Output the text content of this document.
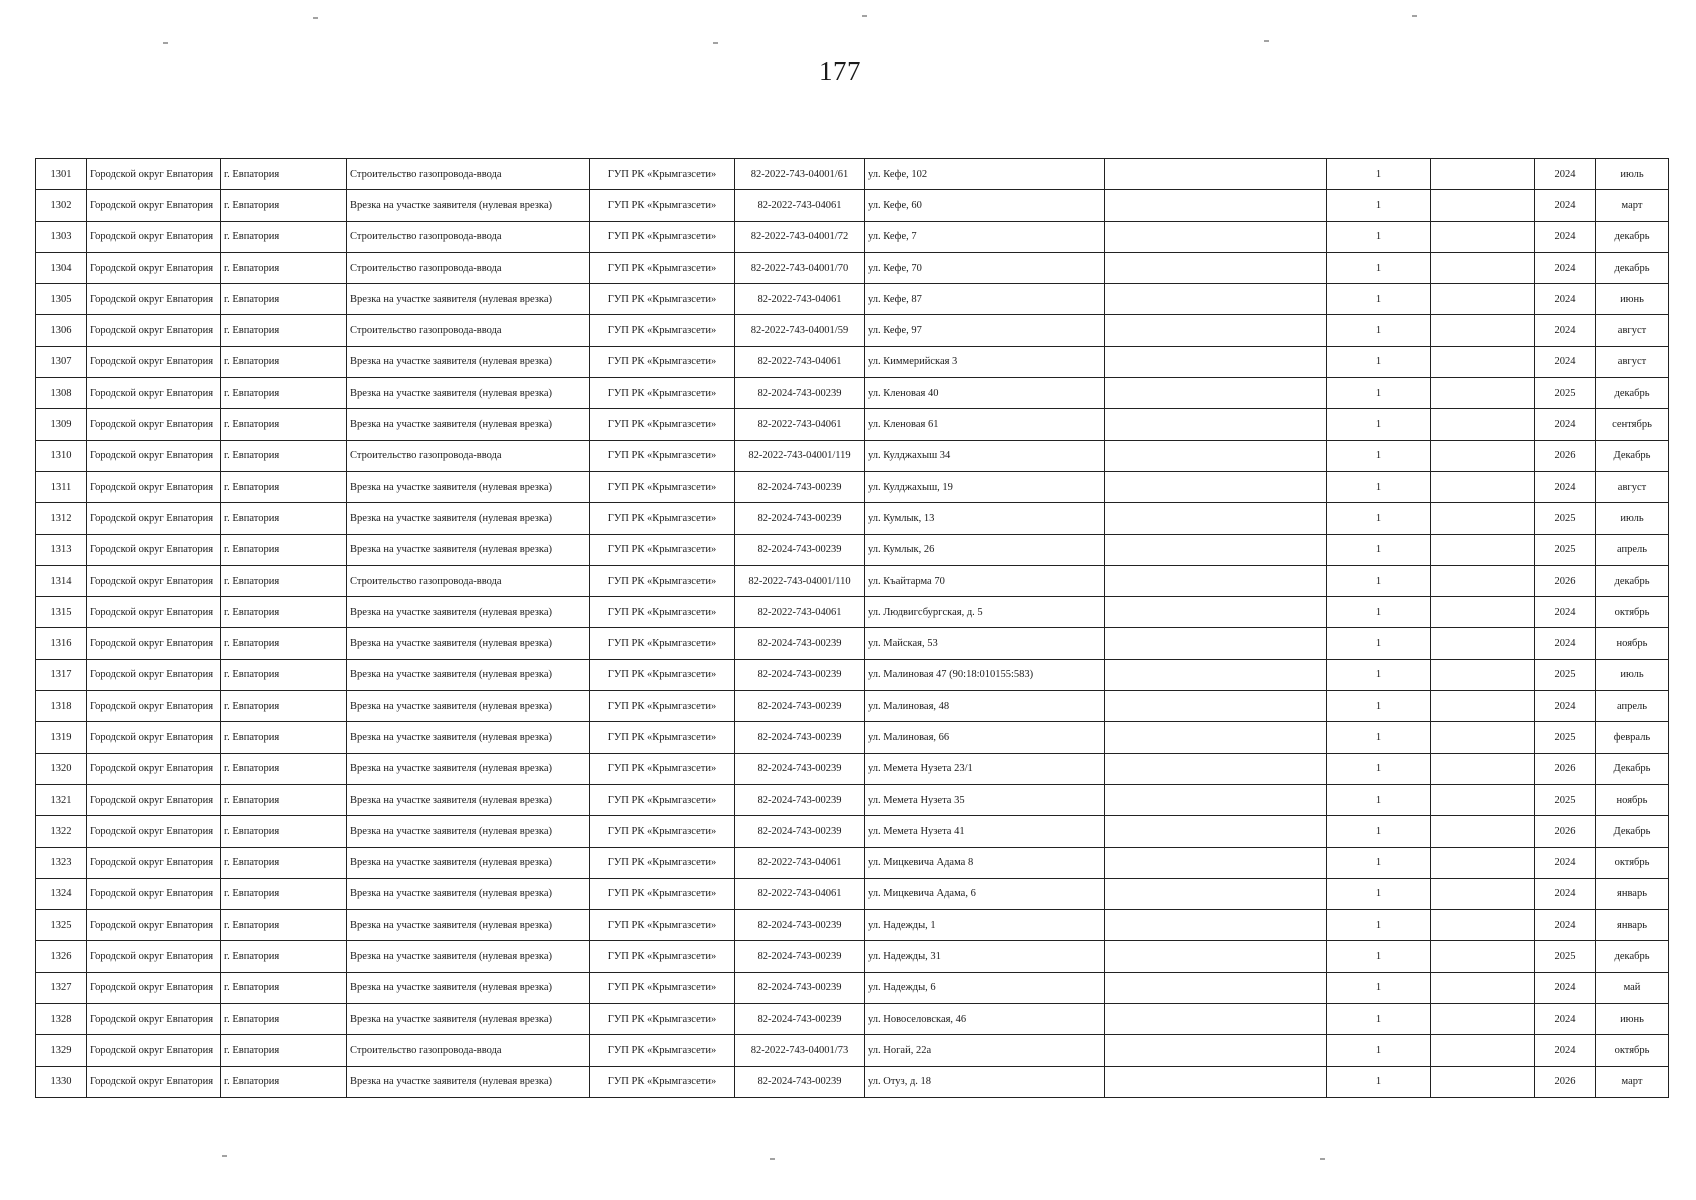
177
1301	Городской округ Евпатория	г. Евпатория	Строительство газопровода-ввода	ГУП РК «Крымгазсети»	82-2022-743-04001/61	ул. Кефе, 102		1		2024	июль
1302	Городской округ Евпатория	г. Евпатория	Врезка на участке заявителя (нулевая врезка)	ГУП РК «Крымгазсети»	82-2022-743-04061	ул. Кефе, 60		1		2024	март
1303	Городской округ Евпатория	г. Евпатория	Строительство газопровода-ввода	ГУП РК «Крымгазсети»	82-2022-743-04001/72	ул. Кефе, 7		1		2024	декабрь
1304	Городской округ Евпатория	г. Евпатория	Строительство газопровода-ввода	ГУП РК «Крымгазсети»	82-2022-743-04001/70	ул. Кефе, 70		1		2024	декабрь
1305	Городской округ Евпатория	г. Евпатория	Врезка на участке заявителя (нулевая врезка)	ГУП РК «Крымгазсети»	82-2022-743-04061	ул. Кефе, 87		1		2024	июнь
1306	Городской округ Евпатория	г. Евпатория	Строительство газопровода-ввода	ГУП РК «Крымгазсети»	82-2022-743-04001/59	ул. Кефе, 97		1		2024	август
1307	Городской округ Евпатория	г. Евпатория	Врезка на участке заявителя (нулевая врезка)	ГУП РК «Крымгазсети»	82-2022-743-04061	ул. Киммерийская 3		1		2024	август
1308	Городской округ Евпатория	г. Евпатория	Врезка на участке заявителя (нулевая врезка)	ГУП РК «Крымгазсети»	82-2024-743-00239	ул. Кленовая 40		1		2025	декабрь
1309	Городской округ Евпатория	г. Евпатория	Врезка на участке заявителя (нулевая врезка)	ГУП РК «Крымгазсети»	82-2022-743-04061	ул. Кленовая 61		1		2024	сентябрь
1310	Городской округ Евпатория	г. Евпатория	Строительство газопровода-ввода	ГУП РК «Крымгазсети»	82-2022-743-04001/119	ул. Кулджахыш 34		1		2026	Декабрь
1311	Городской округ Евпатория	г. Евпатория	Врезка на участке заявителя (нулевая врезка)	ГУП РК «Крымгазсети»	82-2024-743-00239	ул. Кулджахыш, 19		1		2024	август
1312	Городской округ Евпатория	г. Евпатория	Врезка на участке заявителя (нулевая врезка)	ГУП РК «Крымгазсети»	82-2024-743-00239	ул. Кумлык, 13		1		2025	июль
1313	Городской округ Евпатория	г. Евпатория	Врезка на участке заявителя (нулевая врезка)	ГУП РК «Крымгазсети»	82-2024-743-00239	ул. Кумлык, 26		1		2025	апрель
1314	Городской округ Евпатория	г. Евпатория	Строительство газопровода-ввода	ГУП РК «Крымгазсети»	82-2022-743-04001/110	ул. Къайтарма 70		1		2026	декабрь
1315	Городской округ Евпатория	г. Евпатория	Врезка на участке заявителя (нулевая врезка)	ГУП РК «Крымгазсети»	82-2022-743-04061	ул. Людвигсбургская, д. 5		1		2024	октябрь
1316	Городской округ Евпатория	г. Евпатория	Врезка на участке заявителя (нулевая врезка)	ГУП РК «Крымгазсети»	82-2024-743-00239	ул. Майская, 53		1		2024	ноябрь
1317	Городской округ Евпатория	г. Евпатория	Врезка на участке заявителя (нулевая врезка)	ГУП РК «Крымгазсети»	82-2024-743-00239	ул. Малиновая 47 (90:18:010155:583)		1		2025	июль
1318	Городской округ Евпатория	г. Евпатория	Врезка на участке заявителя (нулевая врезка)	ГУП РК «Крымгазсети»	82-2024-743-00239	ул. Малиновая, 48		1		2024	апрель
1319	Городской округ Евпатория	г. Евпатория	Врезка на участке заявителя (нулевая врезка)	ГУП РК «Крымгазсети»	82-2024-743-00239	ул. Малиновая, 66		1		2025	февраль
1320	Городской округ Евпатория	г. Евпатория	Врезка на участке заявителя (нулевая врезка)	ГУП РК «Крымгазсети»	82-2024-743-00239	ул. Мемета Нузета 23/1		1		2026	Декабрь
1321	Городской округ Евпатория	г. Евпатория	Врезка на участке заявителя (нулевая врезка)	ГУП РК «Крымгазсети»	82-2024-743-00239	ул. Мемета Нузета 35		1		2025	ноябрь
1322	Городской округ Евпатория	г. Евпатория	Врезка на участке заявителя (нулевая врезка)	ГУП РК «Крымгазсети»	82-2024-743-00239	ул. Мемета Нузета 41		1		2026	Декабрь
1323	Городской округ Евпатория	г. Евпатория	Врезка на участке заявителя (нулевая врезка)	ГУП РК «Крымгазсети»	82-2022-743-04061	ул. Мицкевича Адама 8		1		2024	октябрь
1324	Городской округ Евпатория	г. Евпатория	Врезка на участке заявителя (нулевая врезка)	ГУП РК «Крымгазсети»	82-2022-743-04061	ул. Мицкевича Адама, 6		1		2024	январь
1325	Городской округ Евпатория	г. Евпатория	Врезка на участке заявителя (нулевая врезка)	ГУП РК «Крымгазсети»	82-2024-743-00239	ул. Надежды, 1		1		2024	январь
1326	Городской округ Евпатория	г. Евпатория	Врезка на участке заявителя (нулевая врезка)	ГУП РК «Крымгазсети»	82-2024-743-00239	ул. Надежды, 31		1		2025	декабрь
1327	Городской округ Евпатория	г. Евпатория	Врезка на участке заявителя (нулевая врезка)	ГУП РК «Крымгазсети»	82-2024-743-00239	ул. Надежды, 6		1		2024	май
1328	Городской округ Евпатория	г. Евпатория	Врезка на участке заявителя (нулевая врезка)	ГУП РК «Крымгазсети»	82-2024-743-00239	ул. Новоселовская, 46		1		2024	июнь
1329	Городской округ Евпатория	г. Евпатория	Строительство газопровода-ввода	ГУП РК «Крымгазсети»	82-2022-743-04001/73	ул. Ногай, 22а		1		2024	октябрь
1330	Городской округ Евпатория	г. Евпатория	Врезка на участке заявителя (нулевая врезка)	ГУП РК «Крымгазсети»	82-2024-743-00239	ул. Отуз, д. 18		1		2026	март
